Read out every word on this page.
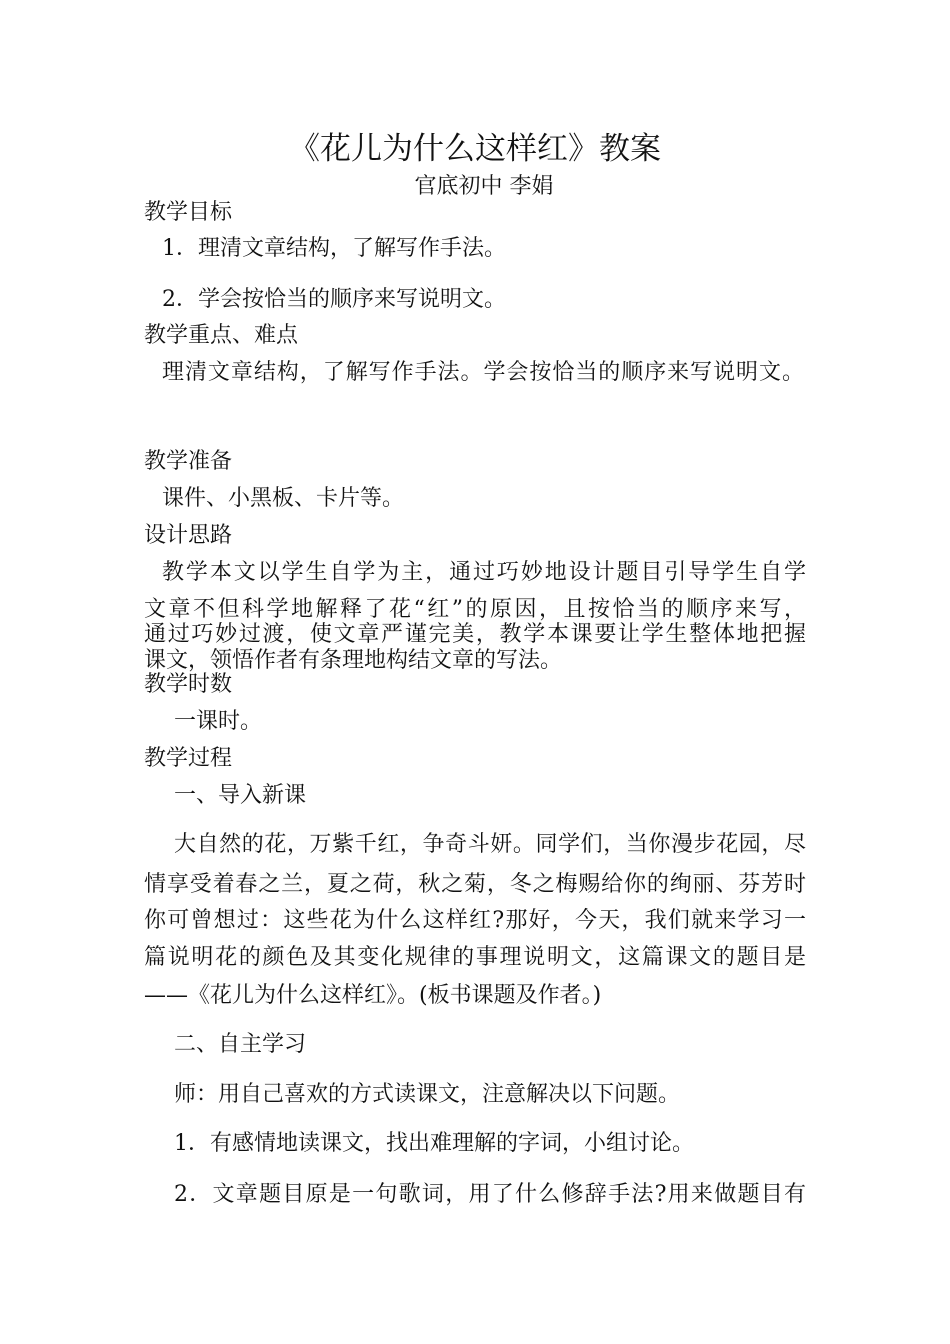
《花儿为什么这样红》教案
官底初中 李娟
教学目标
1．理清文章结构，了解写作手法。
2．学会按恰当的顺序来写说明文。
教学重点、难点
理清文章结构，了解写作手法。学会按恰当的顺序来写说明文。
教学准备
课件、小黑板、卡片等。
设计思路
教学本文以学生自学为主，通过巧妙地设计题目引导学生自学
文章不但科学地解释了花“红”的原因，且按恰当的顺序来写，
通过巧妙过渡，使文章严谨完美，教学本课要让学生整体地把握
课文，领悟作者有条理地构结文章的写法。
教学时数
一课时。
教学过程
一、导入新课
大自然的花，万紫千红，争奇斗妍。同学们，当你漫步花园，尽
情享受着春之兰，夏之荷，秋之菊，冬之梅赐给你的绚丽、芬芳时
你可曾想过：这些花为什么这样红?那好，今天，我们就来学习一
篇说明花的颜色及其变化规律的事理说明文，这篇课文的题目是
——《花儿为什么这样红》。(板书课题及作者。)
二、自主学习
师：用自己喜欢的方式读课文，注意解决以下问题。
1．有感情地读课文，找出难理解的字词，小组讨论。
2．文章题目原是一句歌词，用了什么修辞手法?用来做题目有
